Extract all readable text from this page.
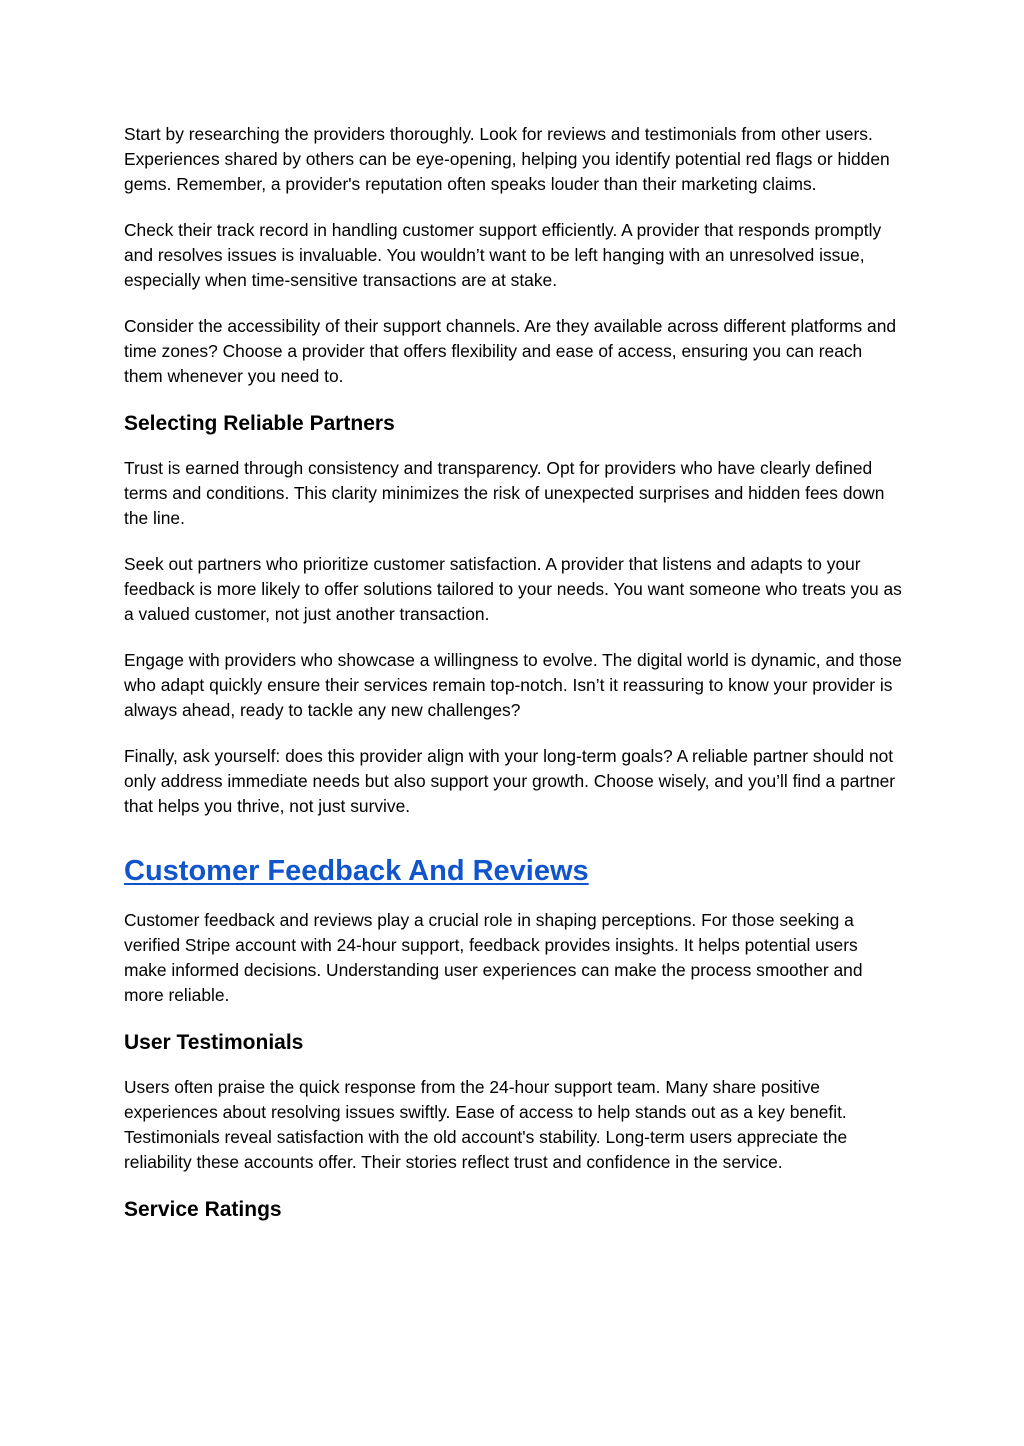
Start by researching the providers thoroughly. Look for reviews and testimonials from other users. Experiences shared by others can be eye-opening, helping you identify potential red flags or hidden gems. Remember, a provider's reputation often speaks louder than their marketing claims.

Check their track record in handling customer support efficiently. A provider that responds promptly and resolves issues is invaluable. You wouldn’t want to be left hanging with an unresolved issue, especially when time-sensitive transactions are at stake.

Consider the accessibility of their support channels. Are they available across different platforms and time zones? Choose a provider that offers flexibility and ease of access, ensuring you can reach them whenever you need to.

Selecting Reliable Partners

Trust is earned through consistency and transparency. Opt for providers who have clearly defined terms and conditions. This clarity minimizes the risk of unexpected surprises and hidden fees down the line.

Seek out partners who prioritize customer satisfaction. A provider that listens and adapts to your feedback is more likely to offer solutions tailored to your needs. You want someone who treats you as a valued customer, not just another transaction.

Engage with providers who showcase a willingness to evolve. The digital world is dynamic, and those who adapt quickly ensure their services remain top-notch. Isn’t it reassuring to know your provider is always ahead, ready to tackle any new challenges?

Finally, ask yourself: does this provider align with your long-term goals? A reliable partner should not only address immediate needs but also support your growth. Choose wisely, and you’ll find a partner that helps you thrive, not just survive.

Customer Feedback And Reviews

Customer feedback and reviews play a crucial role in shaping perceptions. For those seeking a verified Stripe account with 24-hour support, feedback provides insights. It helps potential users make informed decisions. Understanding user experiences can make the process smoother and more reliable.

User Testimonials

Users often praise the quick response from the 24-hour support team. Many share positive experiences about resolving issues swiftly. Ease of access to help stands out as a key benefit. Testimonials reveal satisfaction with the old account's stability. Long-term users appreciate the reliability these accounts offer. Their stories reflect trust and confidence in the service.

Service Ratings
